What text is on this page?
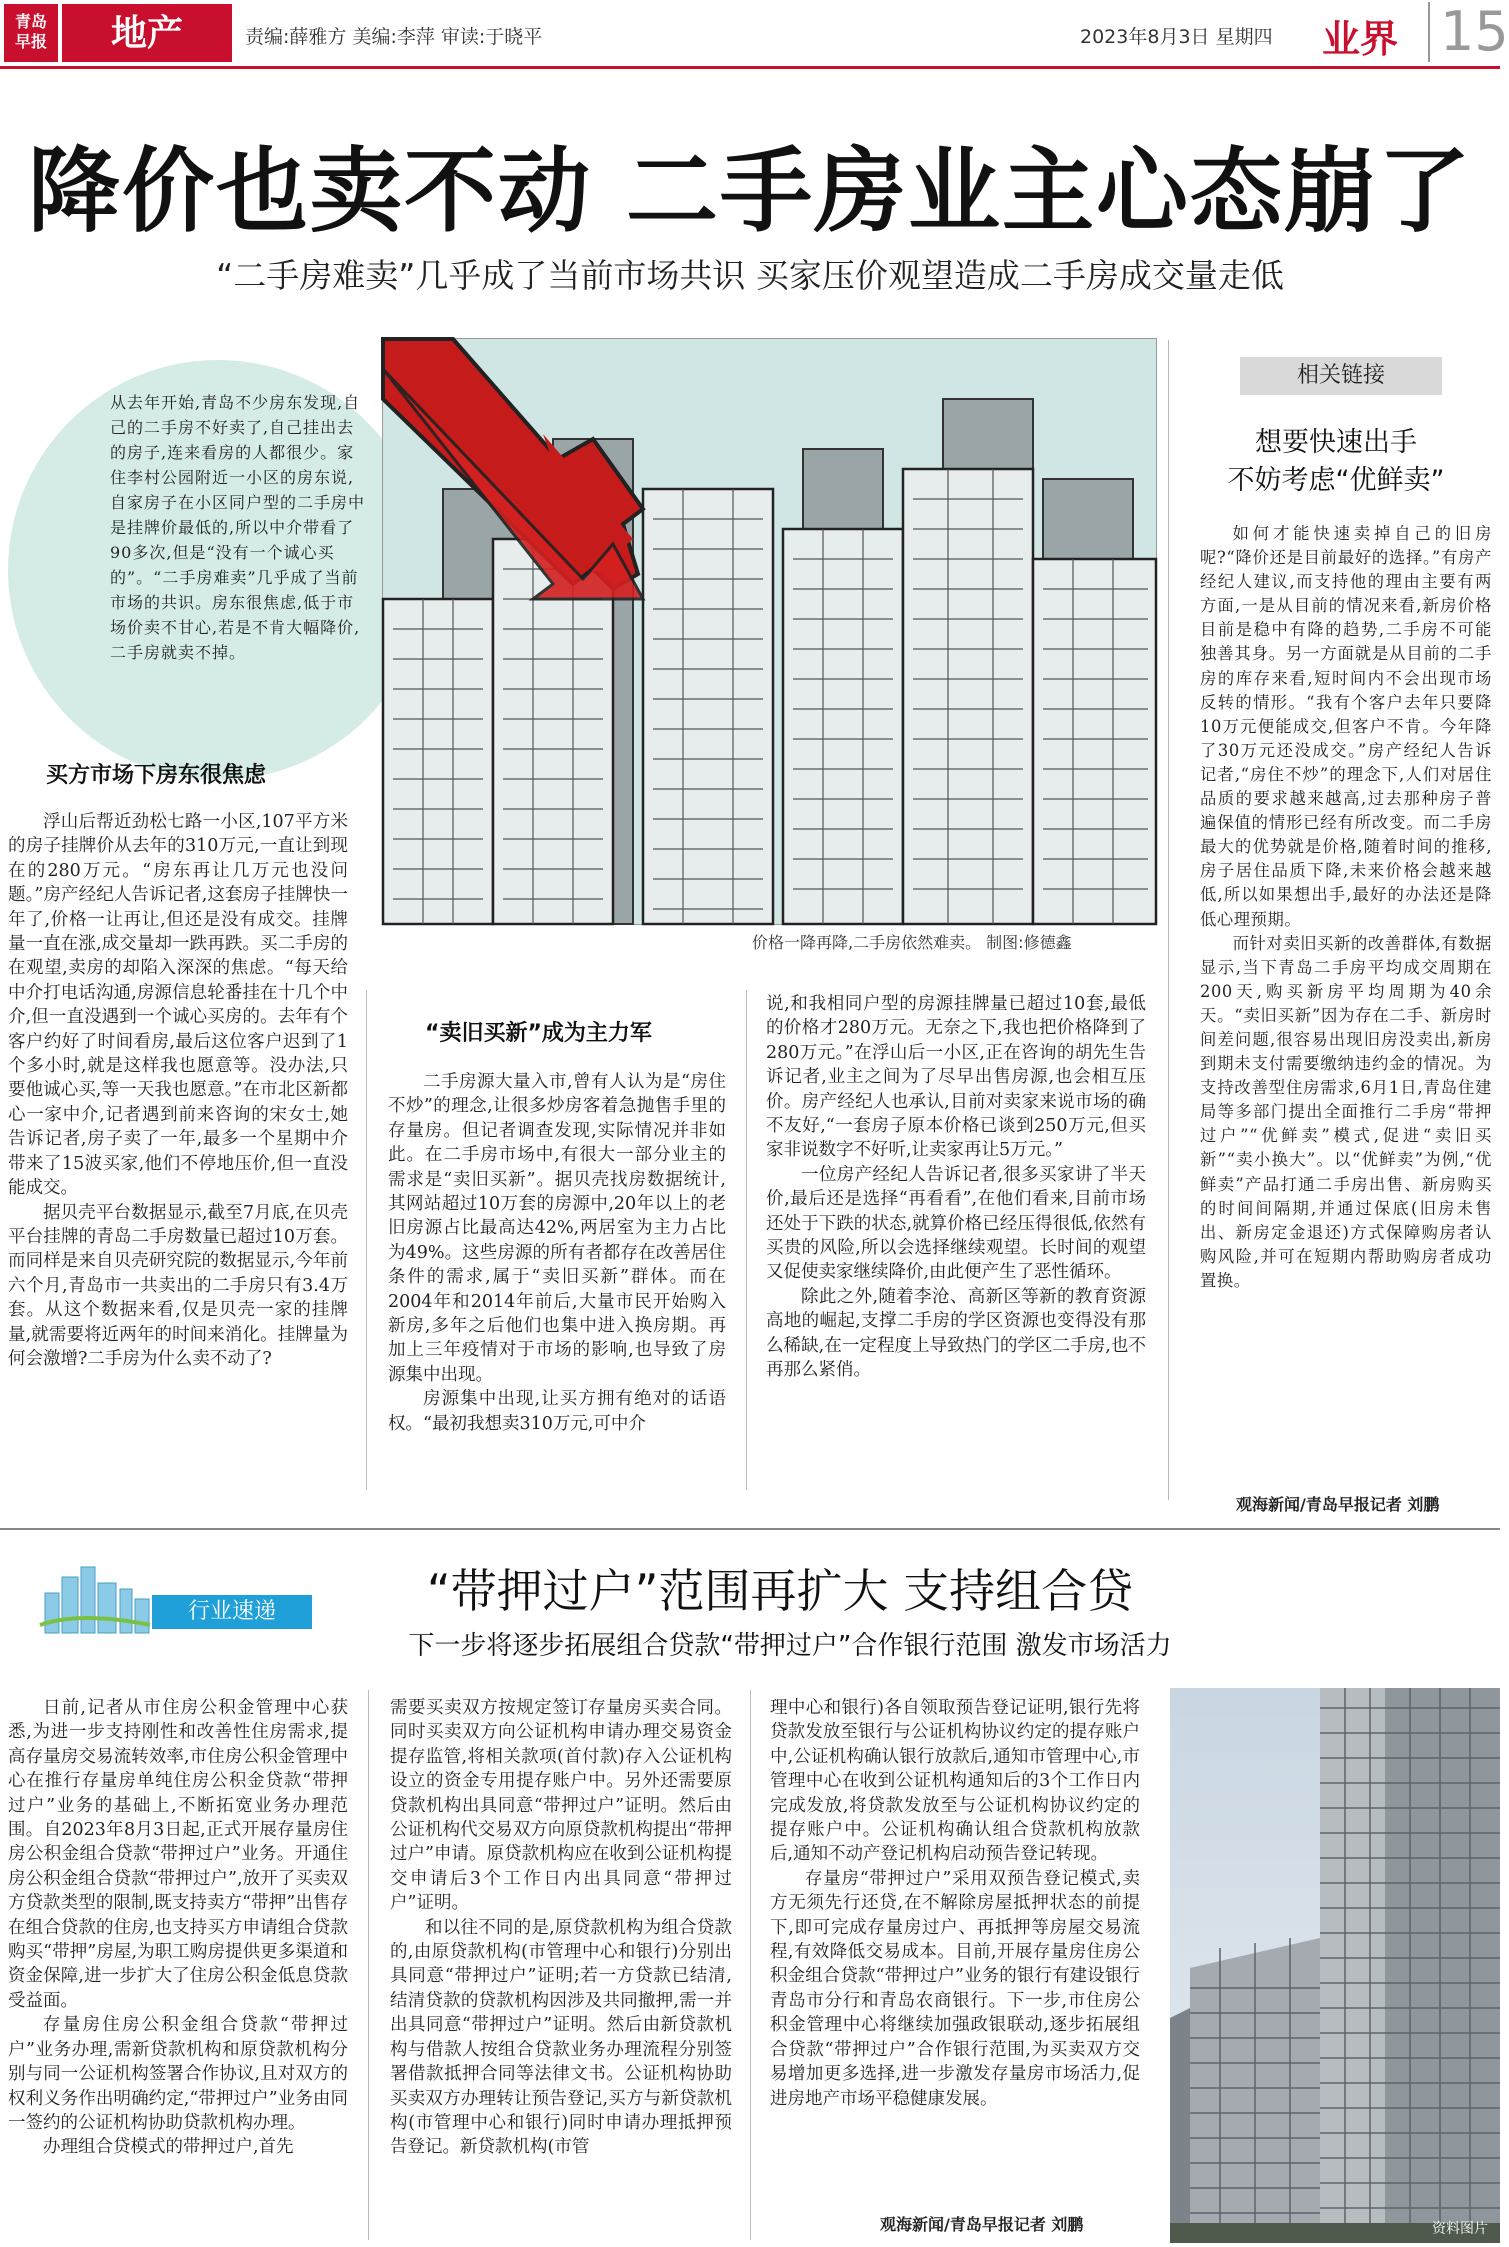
青岛
早报	地产	责编:薛雅方 美编:李萍 审读:于晓平	2023年8月3日 星期四 业界 15
降价也卖不动 二手房业主心态崩了
“二手房难卖”几乎成了当前市场共识 买家压价观望造成二手房成交量走低
从去年开始,青岛不少房东发现,自己的二手房不好卖了,自己挂出去的房子,连来看房的人都很少。家住李村公园附近一小区的房东说,自家房子在小区同户型的二手房中是挂牌价最低的,所以中介带看了90多次,但是“没有一个诚心买的”。“二手房难卖”几乎成了当前市场的共识。房东很焦虑,低于市场价卖不甘心,若是不肯大幅降价,二手房就卖不掉。
价格一降再降,二手房依然难卖。 制图:修德鑫
买方市场下房东很焦虑

浮山后帮近劲松七路一小区,107平方米的房子挂牌价从去年的310万元,一直让到现在的280万元。“房东再让几万元也没问题。”房产经纪人告诉记者,这套房子挂牌快一年了,价格一让再让,但还是没有成交。挂牌量一直在涨,成交量却一跌再跌。买二手房的在观望,卖房的却陷入深深的焦虑。“每天给中介打电话沟通,房源信息轮番挂在十几个中介,但一直没遇到一个诚心买房的。去年有个客户约好了时间看房,最后这位客户迟到了1个多小时,就是这样我也愿意等。没办法,只要他诚心买,等一天我也愿意。”在市北区新都心一家中介,记者遇到前来咨询的宋女士,她告诉记者,房子卖了一年,最多一个星期中介带来了15波买家,他们不停地压价,但一直没能成交。

据贝壳平台数据显示,截至7月底,在贝壳平台挂牌的青岛二手房数量已超过10万套。而同样是来自贝壳研究院的数据显示,今年前六个月,青岛市一共卖出的二手房只有3.4万套。从这个数据来看,仅是贝壳一家的挂牌量,就需要将近两年的时间来消化。挂牌量为何会激增?二手房为什么卖不动了?

“卖旧买新”成为主力军

二手房源大量入市,曾有人认为是“房住不炒”的理念,让很多炒房客着急抛售手里的存量房。但记者调查发现,实际情况并非如此。在二手房市场中,有很大一部分业主的需求是“卖旧买新”。据贝壳找房数据统计,其网站超过10万套的房源中,20年以上的老旧房源占比最高达42%,两居室为主力占比为49%。这些房源的所有者都存在改善居住条件的需求,属于“卖旧买新”群体。而在2004年和2014年前后,大量市民开始购入新房,多年之后他们也集中进入换房期。再加上三年疫情对于市场的影响,也导致了房源集中出现。

房源集中出现,让买方拥有绝对的话语权。“最初我想卖310万元,可中介

说,和我相同户型的房源挂牌量已超过10套,最低的价格才280万元。无奈之下,我也把价格降到了280万元。”在浮山后一小区,正在咨询的胡先生告诉记者,业主之间为了尽早出售房源,也会相互压价。房产经纪人也承认,目前对卖家来说市场的确不友好,“一套房子原本价格已谈到250万元,但买家非说数字不好听,让卖家再让5万元。”

一位房产经纪人告诉记者,很多买家讲了半天价,最后还是选择“再看看”,在他们看来,目前市场还处于下跌的状态,就算价格已经压得很低,依然有买贵的风险,所以会选择继续观望。长时间的观望又促使卖家继续降价,由此便产生了恶性循环。

除此之外,随着李沧、高新区等新的教育资源高地的崛起,支撑二手房的学区资源也变得没有那么稀缺,在一定程度上导致热门的学区二手房,也不再那么紧俏。

相关链接
想要快速出手
不妨考虑“优鲜卖”

如何才能快速卖掉自己的旧房呢?“降价还是目前最好的选择。”有房产经纪人建议,而支持他的理由主要有两方面,一是从目前的情况来看,新房价格目前是稳中有降的趋势,二手房不可能独善其身。另一方面就是从目前的二手房的库存来看,短时间内不会出现市场反转的情形。“我有个客户去年只要降10万元便能成交,但客户不肯。今年降了30万元还没成交。”房产经纪人告诉记者,“房住不炒”的理念下,人们对居住品质的要求越来越高,过去那种房子普遍保值的情形已经有所改变。而二手房最大的优势就是价格,随着时间的推移,房子居住品质下降,未来价格会越来越低,所以如果想出手,最好的办法还是降低心理预期。

而针对卖旧买新的改善群体,有数据显示,当下青岛二手房平均成交周期在200天,购买新房平均周期为40余天。“卖旧买新”因为存在二手、新房时间差问题,很容易出现旧房没卖出,新房到期未支付需要缴纳违约金的情况。为支持改善型住房需求,6月1日,青岛住建局等多部门提出全面推行二手房“带押过户”“优鲜卖”模式,促进“卖旧买新”“卖小换大”。以“优鲜卖”为例,“优鲜卖”产品打通二手房出售、新房购买的时间间隔期,并通过保底(旧房未售出、新房定金退还)方式保障购房者认购风险,并可在短期内帮助购房者成功置换。

观海新闻/青岛早报记者 刘鹏
行业速递	“带押过户”范围再扩大 支持组合贷
下一步将逐步拓展组合贷款“带押过户”合作银行范围 激发市场活力

日前,记者从市住房公积金管理中心获悉,为进一步支持刚性和改善性住房需求,提高存量房交易流转效率,市住房公积金管理中心在推行存量房单纯住房公积金贷款“带押过户”业务的基础上,不断拓宽业务办理范围。自2023年8月3日起,正式开展存量房住房公积金组合贷款“带押过户”业务。开通住房公积金组合贷款“带押过户”,放开了买卖双方贷款类型的限制,既支持卖方“带押”出售存在组合贷款的住房,也支持买方申请组合贷款购买“带押”房屋,为职工购房提供更多渠道和资金保障,进一步扩大了住房公积金低息贷款受益面。

存量房住房公积金组合贷款“带押过户”业务办理,需新贷款机构和原贷款机构分别与同一公证机构签署合作协议,且对双方的权利义务作出明确约定,“带押过户”业务由同一签约的公证机构协助贷款机构办理。

办理组合贷模式的带押过户,首先

需要买卖双方按规定签订存量房买卖合同。同时买卖双方向公证机构申请办理交易资金提存监管,将相关款项(首付款)存入公证机构设立的资金专用提存账户中。另外还需要原贷款机构出具同意“带押过户”证明。然后由公证机构代交易双方向原贷款机构提出“带押过户”申请。原贷款机构应在收到公证机构提交申请后3个工作日内出具同意“带押过户”证明。

和以往不同的是,原贷款机构为组合贷款的,由原贷款机构(市管理中心和银行)分别出具同意“带押过户”证明;若一方贷款已结清,结清贷款的贷款机构因涉及共同撤押,需一并出具同意“带押过户”证明。然后由新贷款机构与借款人按组合贷款业务办理流程分别签署借款抵押合同等法律文书。公证机构协助买卖双方办理转让预告登记,买方与新贷款机构(市管理中心和银行)同时申请办理抵押预告登记。新贷款机构(市管

理中心和银行)各自领取预告登记证明,银行先将贷款发放至银行与公证机构协议约定的提存账户中,公证机构确认银行放款后,通知市管理中心,市管理中心在收到公证机构通知后的3个工作日内完成发放,将贷款发放至与公证机构协议约定的提存账户中。公证机构确认组合贷款机构放款后,通知不动产登记机构启动预告登记转现。

存量房“带押过户”采用双预告登记模式,卖方无须先行还贷,在不解除房屋抵押状态的前提下,即可完成存量房过户、再抵押等房屋交易流程,有效降低交易成本。目前,开展存量房住房公积金组合贷款“带押过户”业务的银行有建设银行青岛市分行和青岛农商银行。下一步,市住房公积金管理中心将继续加强政银联动,逐步拓展组合贷款“带押过户”合作银行范围,为买卖双方交易增加更多选择,进一步激发存量房市场活力,促进房地产市场平稳健康发展。

观海新闻/青岛早报记者 刘鹏	资料图片
